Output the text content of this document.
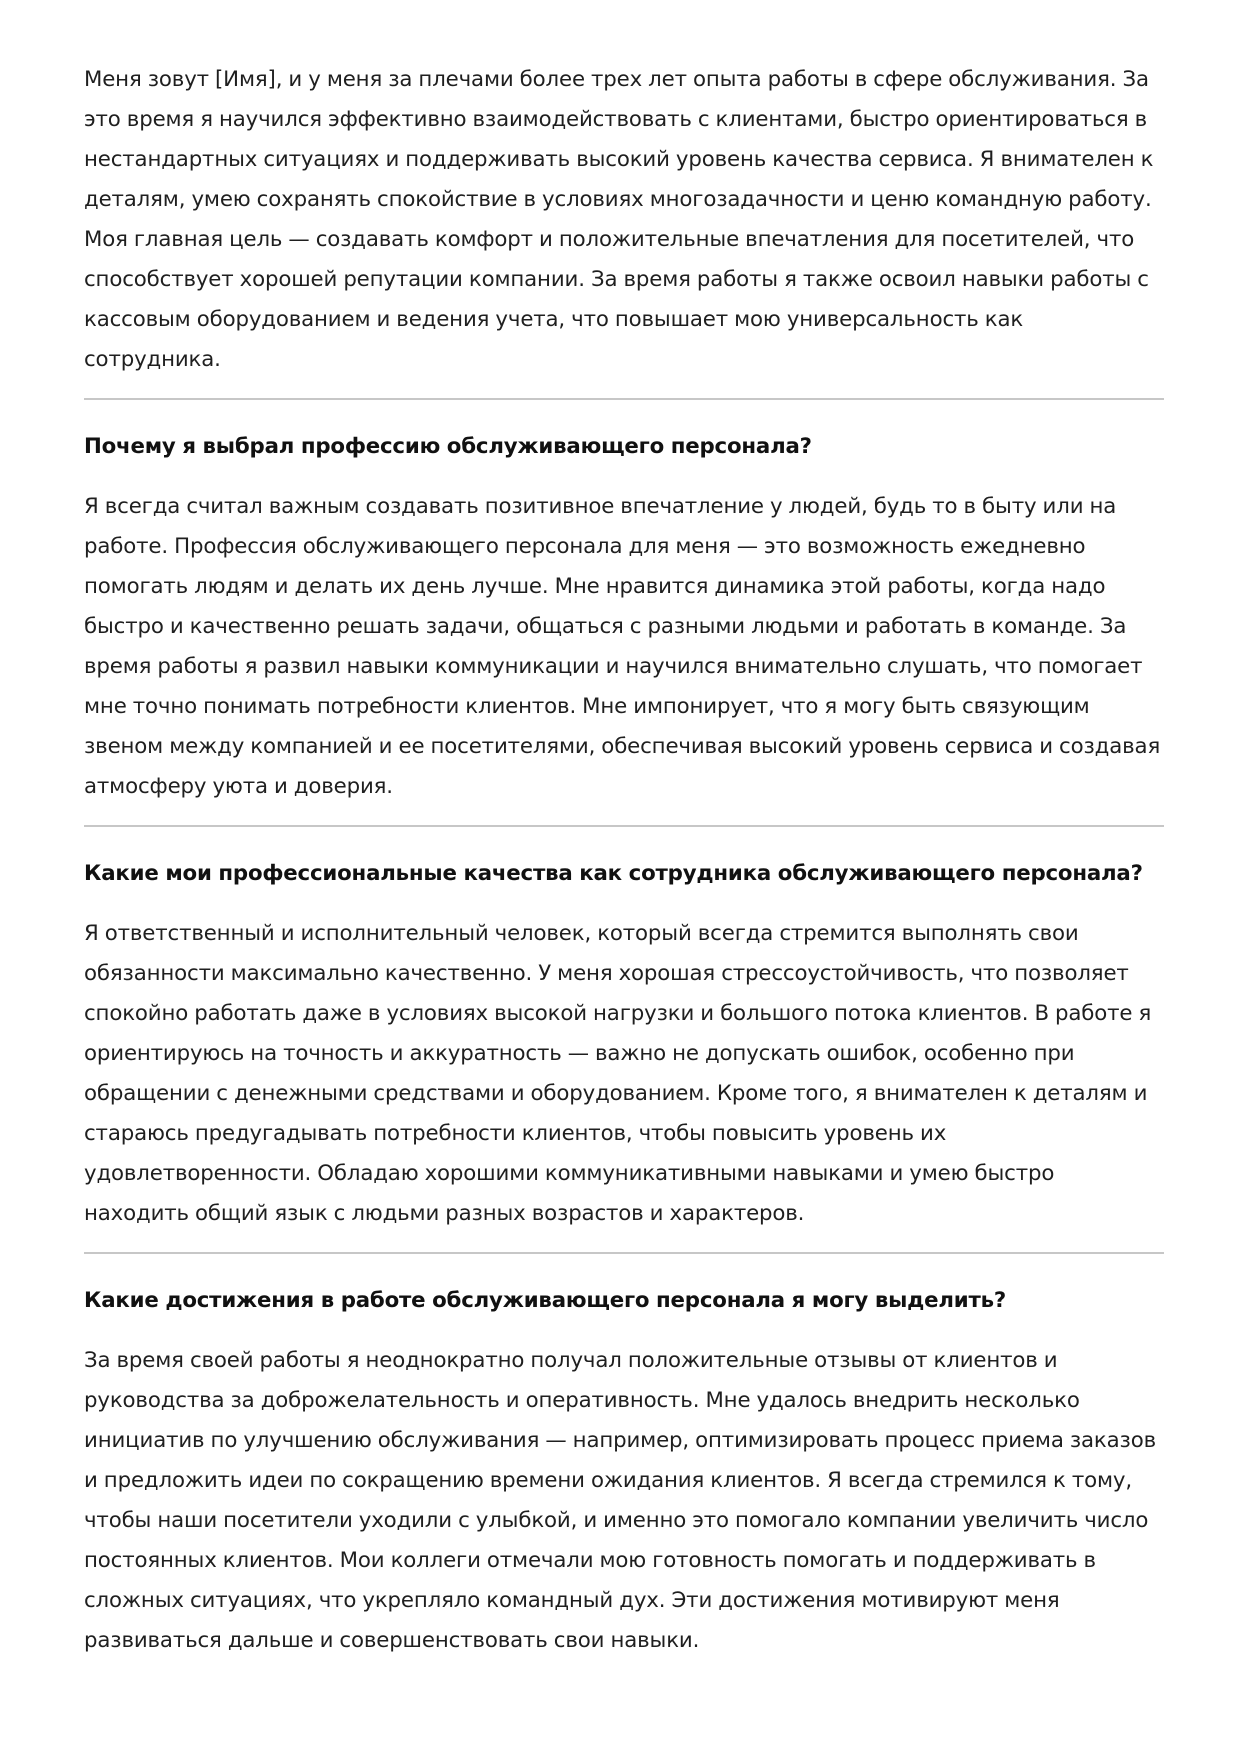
Меня зовут [Имя], и у меня за плечами более трех лет опыта работы в сфере обслуживания. За это время я научился эффективно взаимодействовать с клиентами, быстро ориентироваться в нестандартных ситуациях и поддерживать высокий уровень качества сервиса. Я внимателен к деталям, умею сохранять спокойствие в условиях многозадачности и ценю командную работу. Моя главная цель — создавать комфорт и положительные впечатления для посетителей, что способствует хорошей репутации компании. За время работы я также освоил навыки работы с кассовым оборудованием и ведения учета, что повышает мою универсальность как сотрудника.

Почему я выбрал профессию обслуживающего персонала?

Я всегда считал важным создавать позитивное впечатление у людей, будь то в быту или на работе. Профессия обслуживающего персонала для меня — это возможность ежедневно помогать людям и делать их день лучше. Мне нравится динамика этой работы, когда надо быстро и качественно решать задачи, общаться с разными людьми и работать в команде. За время работы я развил навыки коммуникации и научился внимательно слушать, что помогает мне точно понимать потребности клиентов. Мне импонирует, что я могу быть связующим звеном между компанией и ее посетителями, обеспечивая высокий уровень сервиса и создавая атмосферу уюта и доверия.

Какие мои профессиональные качества как сотрудника обслуживающего персонала?

Я ответственный и исполнительный человек, который всегда стремится выполнять свои обязанности максимально качественно. У меня хорошая стрессоустойчивость, что позволяет спокойно работать даже в условиях высокой нагрузки и большого потока клиентов. В работе я ориентируюсь на точность и аккуратность — важно не допускать ошибок, особенно при обращении с денежными средствами и оборудованием. Кроме того, я внимателен к деталям и стараюсь предугадывать потребности клиентов, чтобы повысить уровень их удовлетворенности. Обладаю хорошими коммуникативными навыками и умею быстро находить общий язык с людьми разных возрастов и характеров.

Какие достижения в работе обслуживающего персонала я могу выделить?

За время своей работы я неоднократно получал положительные отзывы от клиентов и руководства за доброжелательность и оперативность. Мне удалось внедрить несколько инициатив по улучшению обслуживания — например, оптимизировать процесс приема заказов и предложить идеи по сокращению времени ожидания клиентов. Я всегда стремился к тому, чтобы наши посетители уходили с улыбкой, и именно это помогало компании увеличить число постоянных клиентов. Мои коллеги отмечали мою готовность помогать и поддерживать в сложных ситуациях, что укрепляло командный дух. Эти достижения мотивируют меня развиваться дальше и совершенствовать свои навыки.
